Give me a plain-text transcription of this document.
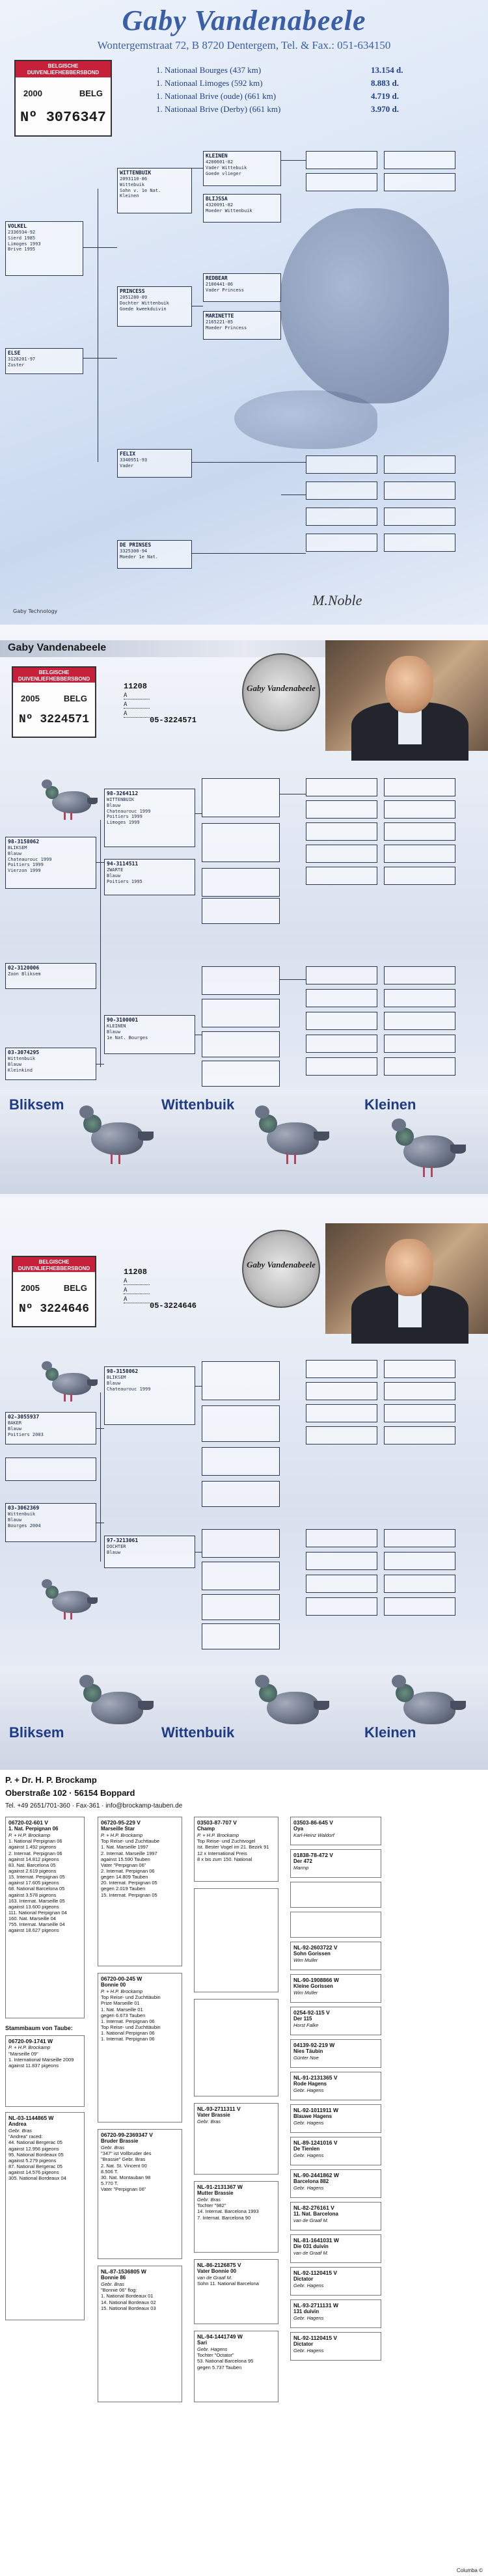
Gaby Vandenabeele
Wontergemstraat 72, B 8720 Dentergem, Tel. & Fax.: 051-634150
BELGISCHE DUIVENLIEFHEBBERSBOND
2000	BELG
Nº 3076347
1. Nationaal Bourges (437 km)	13.154 d.
1. Nationaal Limoges (592 km)	8.883 d.
1. Nationaal Brive (oude) (661 km)	4.719 d.
1. Nationaal Brive (Derby) (661 km)	3.970 d.
VOLKEL
2336934-92
Sierd 1985
Limoges 1993
Brive 1995
WITTENBUIK
2093110-86
Wittebuik
Sohn v. 1e Nat.
Kleinen
PRINCESS
2051280-89
Dochter Wittenbuik
Goede kweekduivin
KLEINEN
4200601-82
Vader Wittebuik
Goede vlieger
BLIJSSA
4320091-82
Moeder Wittenbuik
REDBEAR
2100441-86
Vader Princess
MARINETTE
2165221-85
Moeder Princess
ELSE
3128201-97
Zuster
FELIX
3340951-93
Vader
DE PRINSES
3325300-94
Moeder 1e Nat.

Gaby Technology
M.Noble
Gaby Vandenabeele
BELGISCHE DUIVENLIEFHEBBERSBOND
2005	BELG
Nº 3224571
11208
A
A
A
05-3224571
Gaby Vandenabeele
98-3158062
BLIKSEM
Blauw
Chateaurouc 1999
Poitiers 1999
Vierzon 1999
03-3074295
Wittenbuik
Blauw
Kleinkind
02-3120006
Zoon Bliksem
98-3264112
WITTENBUIK
Blauw
Chateaurouc 1999
Poitiers 1999
Limoges 1999
94-3114511
ZWARTE
Blauw
Poitiers 1995
90-3100001
KLEINEN
Blauw
1e Nat. Bourges

Bliksem	Wittenbuik	Kleinen
BELGISCHE DUIVENLIEFHEBBERSBOND
2005	BELG
Nº 3224646
11208
A
A
A
05-3224646
Gaby Vandenabeele
02-3055937
BAKER
Blauw
Poitiers 2003
98-3158062
BLIKSEM
Blauw
Chateaurouc 1999
03-3062369
Wittenbuik
Blauw
Bourges 2004
97-3213061
DOCHTER
Blauw

Bliksem	Wittenbuik	Kleinen
P. + Dr. H. P. Brockamp
Oberstraße 102 · 56154 Boppard
Tel. +49 2651/701-360 · Fax-361 · info@brockamp-tauben.de
06720-02-601 V
1. Nat. Perpignan 06
P. + H.P. Brockamp
1. National Perpignan 06
against 1.492 pigeons
2. Internat. Perpignan 06
against 14.812 pigeons
83. Nat. Barcelona 05
against 2.619 pigeons
15. Internat. Perpignan 05
against 17.605 pigeons
68. National Barcelona 05
against 3.578 pigeons
163. Internat. Marseille 05
against 13.600 pigeons
111. National Perpignan 04
160. Nat. Marseille 04
755. Internat. Marseille 04
against 18.627 pigeons
Stammbaum von Taube:
06720-09-1741 W
P. + H.P. Brockamp
"Marseille 09"
1. International Marseille 2009
against 11.837 pigeons
NL-03-1144865 W
Andrea
Gebr. Bras
"Andrea" raced:
44. National Bergerac 05
against 12.956 pigeons
95. National Bordeaux 05
against 5.279 pigeons
87. National Bergerac 05
against 14.576 pigeons
305. National Bordeaux 04
06720-95-229 V
Marseille Star
P. + H.P. Brockamp
Top Reise- und Zuchttaube
1. Nat. Marseille 1997
2. Internat. Marseille 1997
against 15.590 Tauben
Vater "Perpignan 06"
2. Internat. Perpignan 06
gegen 14.809 Tauben
20. Internat. Perpignan 05
gegen 2.019 Tauben
15. Internat. Perpignan 05
06720-00-245 W
Bonnie 00
P. + H.P. Brockamp
Top Reise- und Zuchttäubin
Prize Marseille 01
1. Nat. Marseille 01
gegen 6.673 Tauben
1. Internat. Perpignan 06
Top Reise- und Zuchttäubin
1. National Perpignan 06
1. Internat. Perpignan 06
06720-99-2369347 V
Bruder Brassie
Gebr. Bras
"347" ist Vollbruder des
"Brassie" Gebr. Bras
2. Nat. St. Vincent 00
8.506 T.
30. Nat. Montauban 98
5.770 T.
Vater "Perpignan 06"
NL-87-1536805 W
Bonnie 86
Gebr. Bras
"Bonnie 06" flog:
1. National Bordeaux 01
14. National Bordeaux 02
15. National Bordeaux 03
03503-87-707 V
Champ
P. + H.P. Brockamp
Top Reise- und Zuchtvogel
Ist. Bester Vogel im 21. Bezirk 91
12 x International Preis
8 x bis zum 150. National

NL-93-2711311 V
Vater Brassie
Gebr. Bras
NL-91-2131367 W
Mutter Brassie
Gebr. Bras
Tochter "982"
14. Internat. Barcelona 1993
7. Internat. Barcelona 90
NL-86-2126875 V
Vater Bonnie 00
van de Graaf M.
Sohn 11. National Barcelona
NL-94-1441749 W
Sari
Gebr. Hagens
Tochter "Octator"
53. National Barcelona 95
gegen 5.737 Tauben
03503-86-645 V
Oya
Karl-Heinz Waldorf
01838-78-472 V
Der 472
Marmp

NL-92-2603722 V
Sohn Gorissen
Wim Muller
NL-90-1908866 W
Kleine Gorissen
Wim Muller
0254-92-115 V
Der 115
Horst Falke
04139-92-219 W
Nies Täubin
Günter Noe
NL-91-2131365 V
Rode Hagens
Gebr. Hagens
NL-92-1011911 W
Blauwe Hagens
Gebr. Hagens
NL-89-1241016 V
De Tienlen
Gebr. Hagens
NL-90-2441862 W
Barcelona 882
Gebr. Hagens
NL-82-276161 V
11. Nat. Barcelona
van de Graaf M.
NL-81-1641031 W
Die 031 duivin
van de Graaf M.
NL-92-1120415 V
Dictator
Gebr. Hagens
NL-93-2711131 W
131 duivin
Gebr. Hagens
NL-92-1120415 V
Dictator
Gebr. Hagens
Columba ©
